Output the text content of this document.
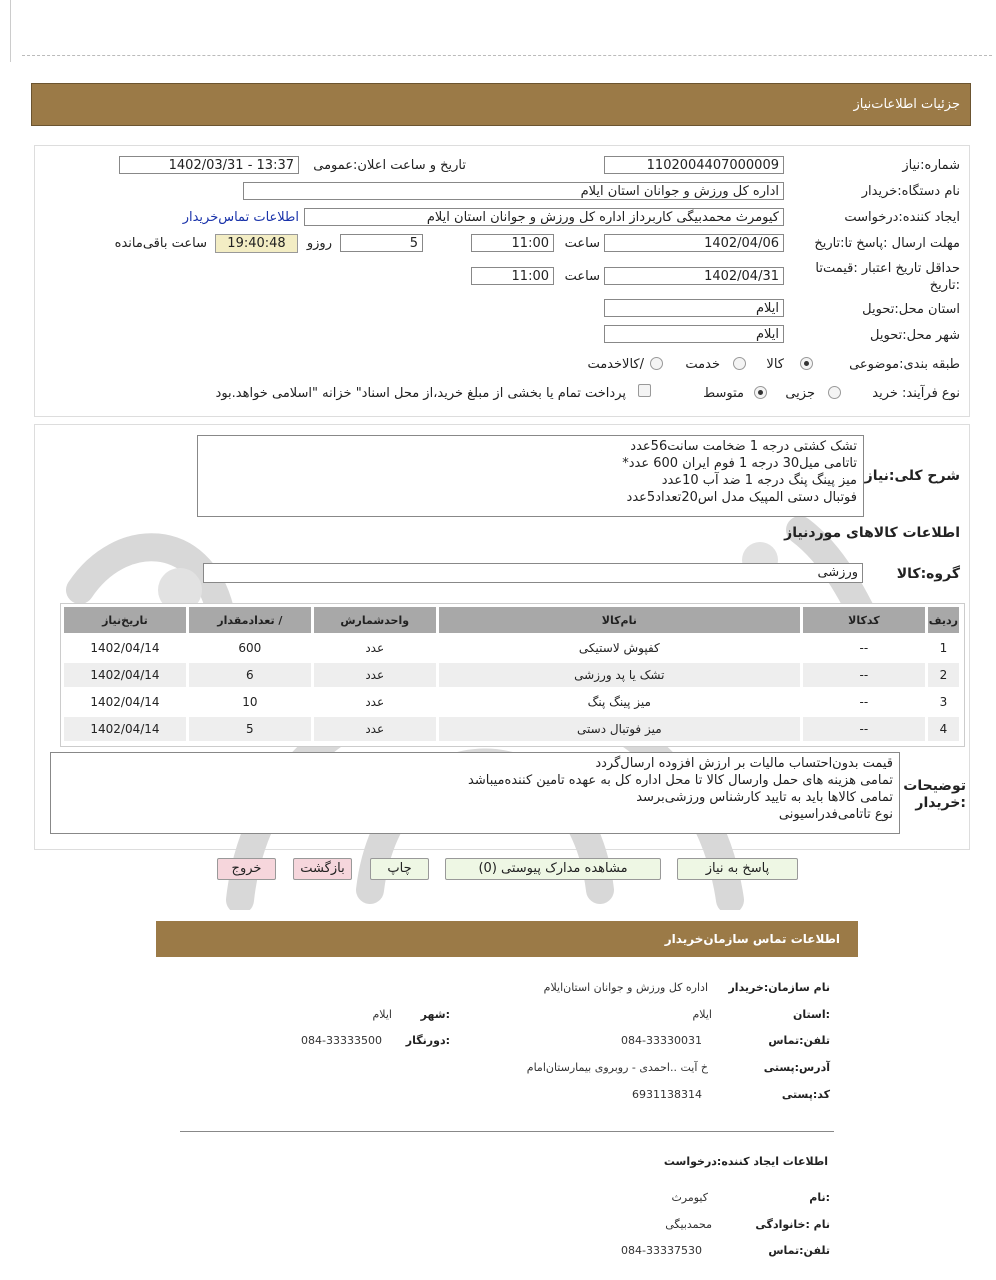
جزئیات اطلاعات‌نیاز
شماره:نیاز
1102004407000009
تاریخ و ساعت اعلان:عمومی
1402/03/31 - 13:37
نام دستگاه:خریدار
اداره کل ورزش و جوانان استان ایلام
ایجاد کننده:درخواست
کیومرث محمدبیگی کاربرداز اداره کل ورزش و جوانان استان ایلام
اطلاعات تماس‌خریدار
مهلت ارسال :پاسخ تا:تاریخ
1402/04/06
ساعت
11:00
5
روزو
19:40:48
ساعت باقی‌مانده
حداقل تاریخ اعتبار :قیمت‌تا
:تاریخ
1402/04/31
ساعت
11:00
استان محل:تحویل
ایلام
شهر محل:تحویل
ایلام
طبقه بندی:موضوعی
کالا
خدمت
/کالاخدمت
نوع فرآیند: خرید
جزیی
متوسط
پرداخت تمام یا بخشی از مبلغ خرید،از محل اسناد" خزانه "اسلامی خواهد.بود
شرح کلی:نیاز
تشک کشتی درجه 1 ضخامت سانت56عدد
تاتامی میل30 درجه 1 فوم ایران 600 عدد*
میز پینگ پنگ درجه 1 ضد آب 10عدد
فوتبال دستی المپیک مدل اس20تعداد5عدد
اطلاعات کالاهای موردنیاز
گروه:کالا
ورزشی
ردیف	کدکالا	نام‌کالا	واحدشمارش	/ تعدادمقدار	تاریخ‌نیاز
1	--	کفپوش لاستیکی	عدد	600	1402/04/14
2	--	تشک یا پد ورزشی	عدد	6	1402/04/14
3	--	میز پینگ پنگ	عدد	10	1402/04/14
4	--	میز فوتبال دستی	عدد	5	1402/04/14
توضیحات
:خریدار
قیمت بدون‌احتساب مالیات بر ارزش افزوده ارسال‌گردد
تمامی هزینه های حمل وارسال کالا تا محل اداره کل به عهده تامین کننده‌میباشد
تمامی کالاها باید به تایید کارشناس ورزشی‌برسد
نوع تاتامی‌فدراسیونی
پاسخ به نیاز
مشاهده مدارک پیوستی (0)
چاپ
بازگشت
خروج
اطلاعات تماس سازمان‌خریدار
نام سازمان:خریدار
اداره کل ورزش و جوانان استان‌ایلام
:استان
ایلام
:شهر
ایلام
تلفن:تماس
084-33330031
:دورنگار
084-33333500
آدرس:پستی
خ آیت ..احمدی - روبروی بیمارستان‌امام
کد:پستی
6931138314
اطلاعات ایجاد کننده:درخواست
:نام
کیومرث
نام :خانوادگی
محمدبیگی
تلفن:تماس
084-33337530
